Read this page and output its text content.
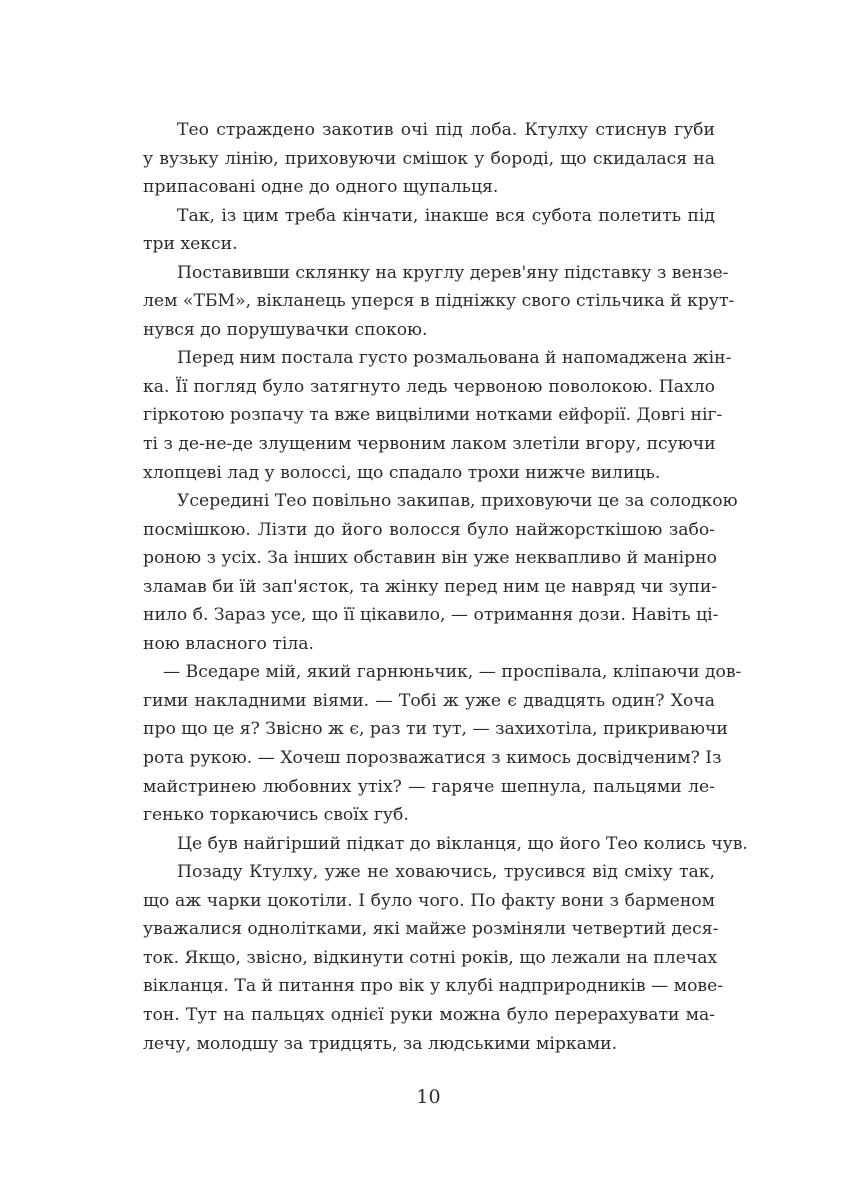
Тео страждено закотив очі під лоба. Ктулху стиснув губи
у вузьку лінію, приховуючи смішок у бороді, що скидалася на
припасовані одне до одного щупальця.
Так, із цим треба кінчати, інакше вся субота полетить під
три хекси.
Поставивши склянку на круглу дерев'яну підставку з вензе-
лем «ТБМ», вікланець уперся в підніжку свого стільчика й крут-
нувся до порушувачки спокою.
Перед ним постала густо розмальована й напомаджена жін-
ка. Її погляд було затягнуто ледь червоною поволокою. Пахло
гіркотою розпачу та вже вицвілими нотками ейфорії. Довгі ніг-
ті з де-не-де злущеним червоним лаком злетіли вгору, псуючи
хлопцеві лад у волоссі, що спадало трохи нижче вилиць.
Усередині Тео повільно закипав, приховуючи це за солодкою
посмішкою. Лізти до його волосся було найжорсткішою забо-
роною з усіх. За інших обставин він уже неквапливо й манірно
зламав би їй зап'ясток, та жінку перед ним це навряд чи зупи-
нило б. Зараз усе, що її цікавило, — отримання дози. Навіть ці-
ною власного тіла.
— Вседаре мій, який гарнюньчик, — проспівала, кліпаючи дов-
гими накладними віями. — Тобі ж уже є двадцять один? Хоча
про що це я? Звісно ж є, раз ти тут, — захихотіла, прикриваючи
рота рукою. — Хочеш порозважатися з кимось досвідченим? Із
майстринею любовних утіх? — гаряче шепнула, пальцями ле-
генько торкаючись своїх губ.
Це був найгірший підкат до вікланця, що його Тео колись чув.
Позаду Ктулху, уже не ховаючись, трусився від сміху так,
що аж чарки цокотіли. І було чого. По факту вони з барменом
уважалися однолітками, які майже розміняли четвертий деся-
ток. Якщо, звісно, відкинути сотні років, що лежали на плечах
вікланця. Та й питання про вік у клубі надприродників — мове-
тон. Тут на пальцях однієї руки можна було перерахувати ма-
лечу, молодшу за тридцять, за людськими мірками.
10
